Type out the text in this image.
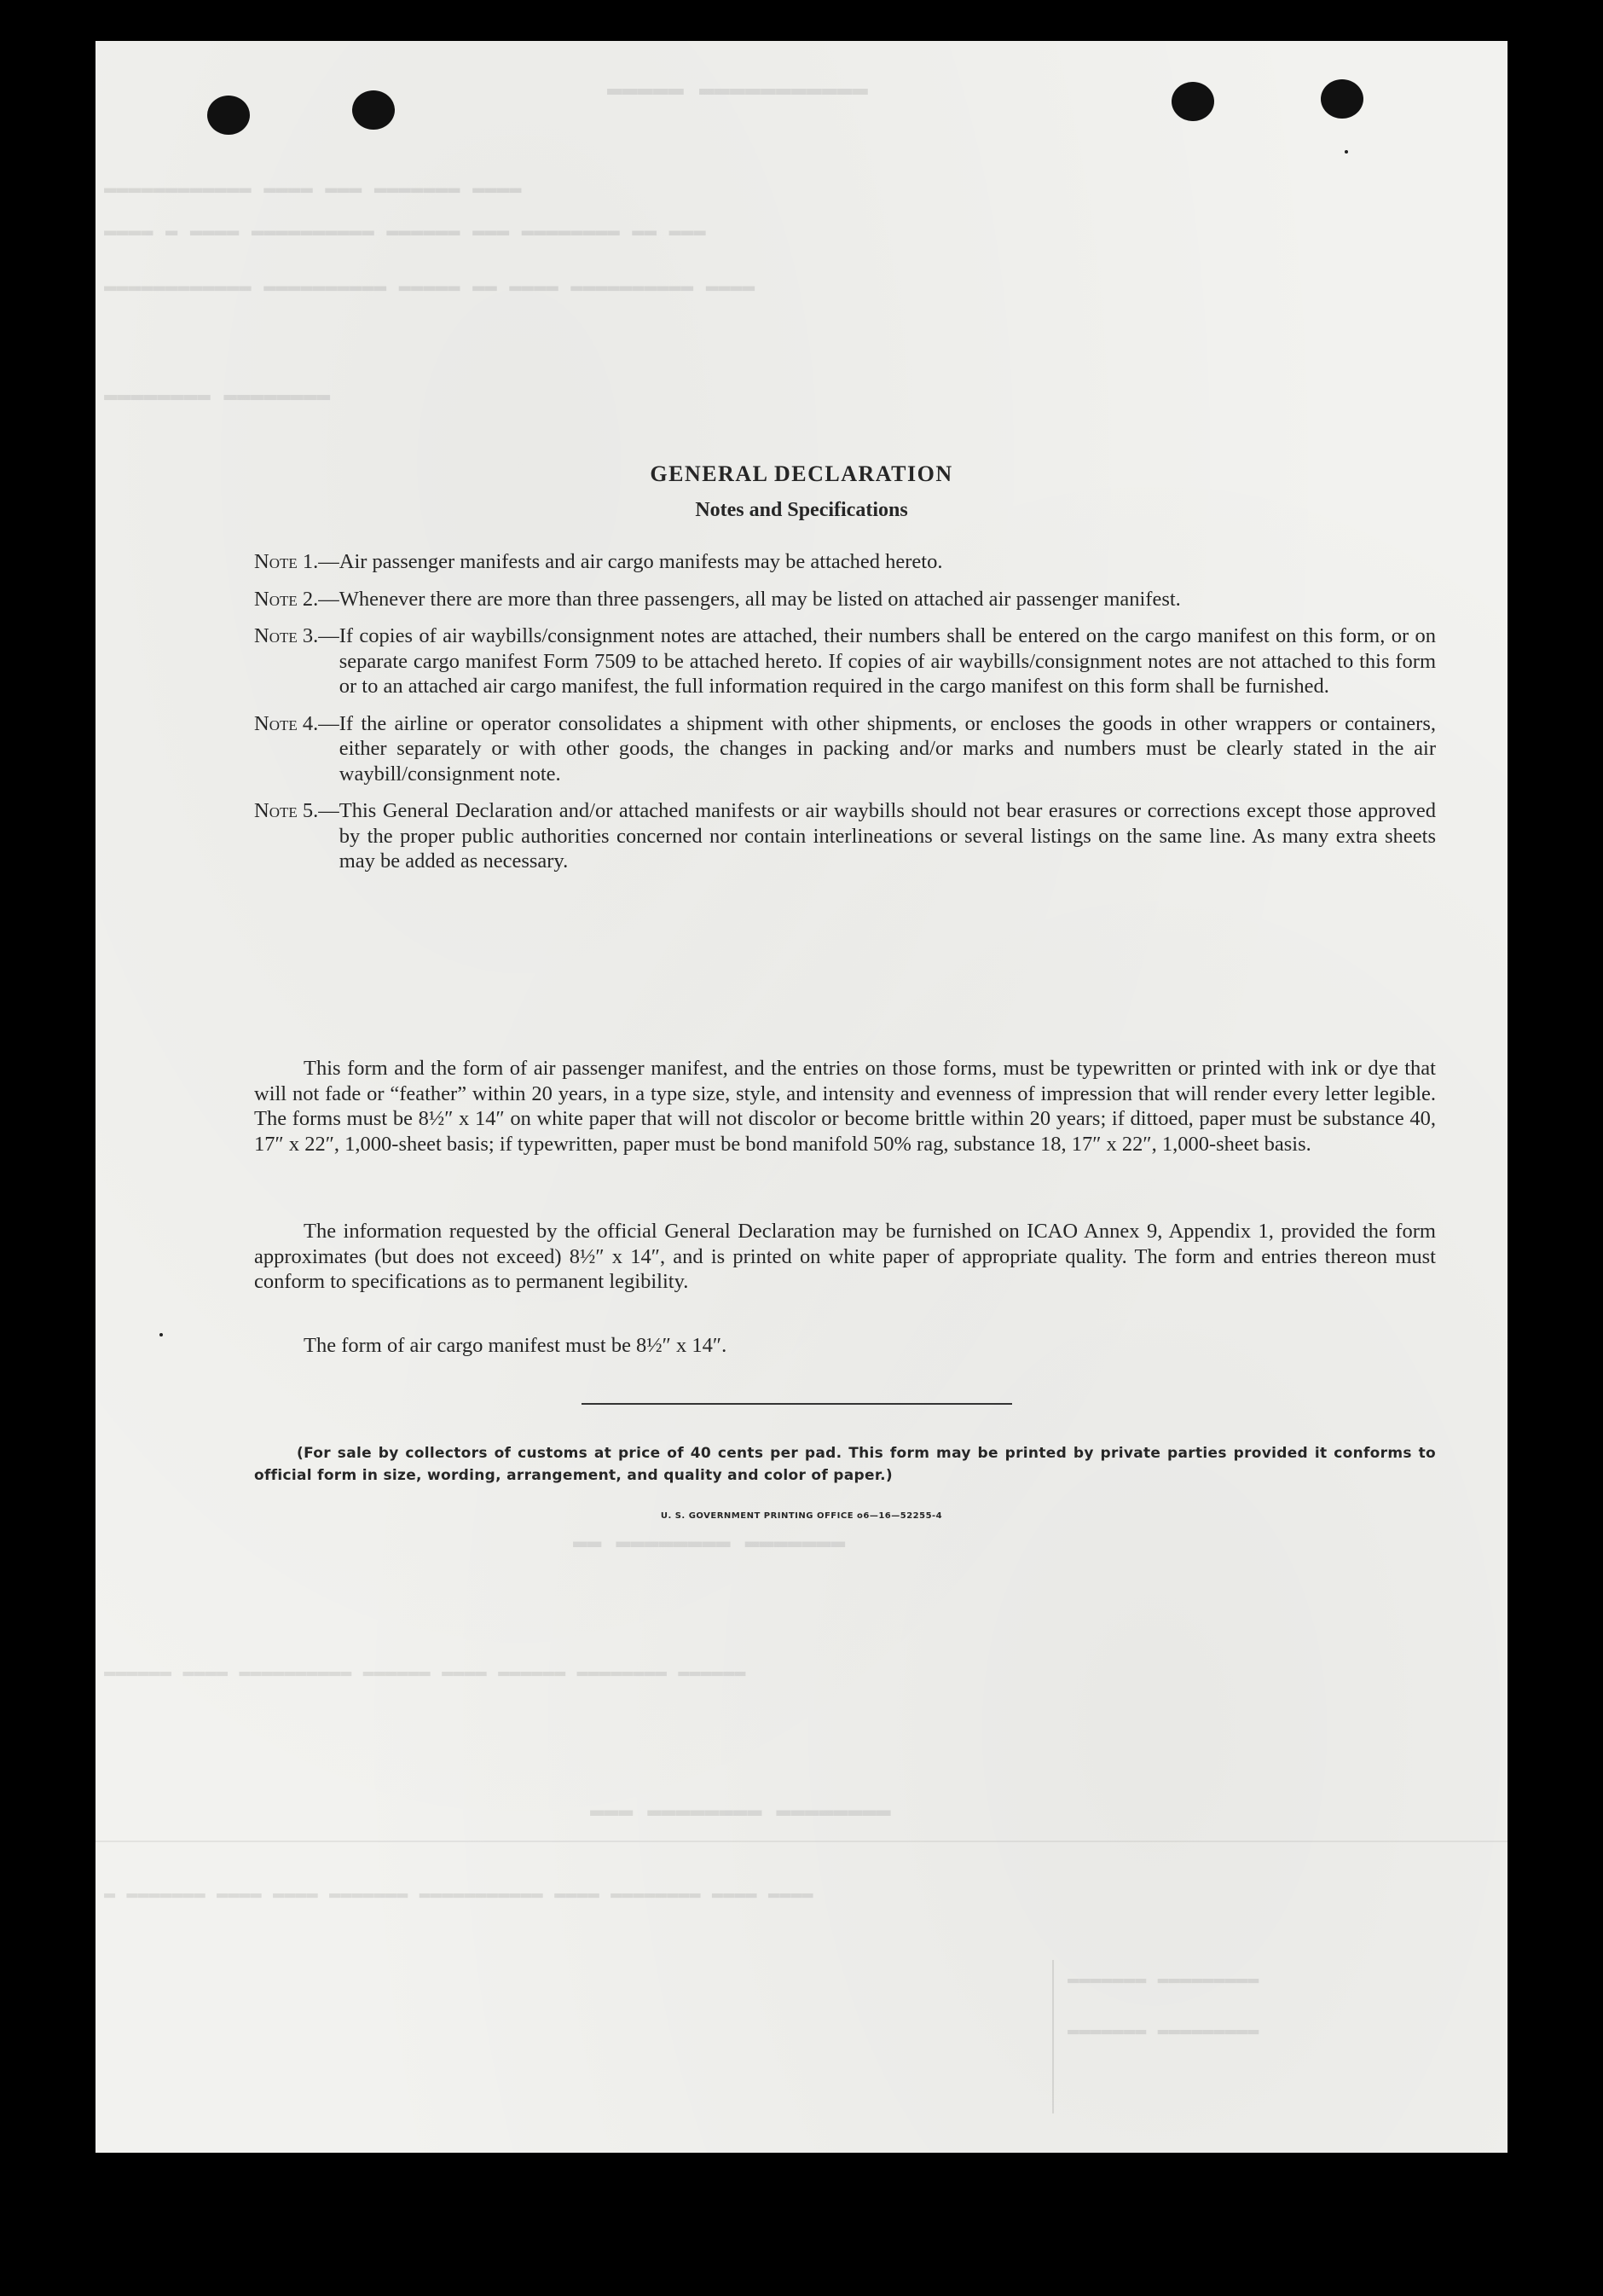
▬▬▬▬▬ ▬▬▬▬▬▬▬▬▬▬▬
▬▬▬▬▬▬▬▬▬▬▬▬ ▬▬▬▬ ▬▬▬ ▬▬▬▬▬▬▬ ▬▬▬▬
▬▬▬▬ ▬ ▬▬▬▬ ▬▬▬▬▬▬▬▬▬▬ ▬▬▬▬▬▬ ▬▬▬ ▬▬▬▬▬▬▬▬ ▬▬ ▬▬▬
▬▬▬▬▬▬▬▬▬▬▬▬ ▬▬▬▬▬▬▬▬▬▬ ▬▬▬▬▬ ▬▬ ▬▬▬▬ ▬▬▬▬▬▬▬▬▬▬ ▬▬▬▬
▬▬▬▬▬▬▬▬ ▬▬▬▬▬▬▬▬
▬▬ ▬▬▬▬▬▬▬▬ ▬▬▬▬▬▬▬
▬▬▬▬▬▬ ▬▬▬▬ ▬▬▬▬▬▬▬▬▬▬ ▬▬▬▬▬▬ ▬▬▬▬ ▬▬▬▬▬▬ ▬▬▬▬▬▬▬▬ ▬▬▬▬▬▬
▬▬▬ ▬▬▬▬▬▬▬▬ ▬▬▬▬▬▬▬▬
▬ ▬▬▬▬▬▬▬ ▬▬▬▬ ▬▬▬▬ ▬▬▬▬▬▬▬ ▬▬▬▬▬▬▬▬▬▬▬ ▬▬▬▬ ▬▬▬▬▬▬▬▬ ▬▬▬▬ ▬▬▬▬
▬▬▬▬▬▬▬ ▬▬▬▬▬▬▬▬▬
▬▬▬▬▬▬▬ ▬▬▬▬▬▬▬▬▬
GENERAL DECLARATION
Notes and Specifications
Note 1. — Air passenger manifests and air cargo manifests may be attached hereto.
Note 2. — Whenever there are more than three passengers, all may be listed on attached air passenger manifest.
Note 3. — If copies of air waybills/consignment notes are attached, their numbers shall be entered on the cargo manifest on this form, or on separate cargo manifest Form 7509 to be attached hereto. If copies of air waybills/consignment notes are not attached to this form or to an attached air cargo manifest, the full information required in the cargo manifest on this form shall be furnished.
Note 4. — If the airline or operator consolidates a shipment with other shipments, or encloses the goods in other wrappers or containers, either separately or with other goods, the changes in packing and/or marks and numbers must be clearly stated in the air waybill/consignment note.
Note 5. — This General Declaration and/or attached manifests or air waybills should not bear erasures or corrections except those approved by the proper public authorities concerned nor contain interlineations or several listings on the same line. As many extra sheets may be added as necessary.
This form and the form of air passenger manifest, and the entries on those forms, must be typewritten or printed with ink or dye that will not fade or “feather” within 20 years, in a type size, style, and intensity and evenness of impression that will render every letter legible. The forms must be 8½″ x 14″ on white paper that will not discolor or become brittle within 20 years; if dittoed, paper must be substance 40, 17″ x 22″, 1,000-sheet basis; if typewritten, paper must be bond manifold 50% rag, substance 18, 17″ x 22″, 1,000-sheet basis.
The information requested by the official General Declaration may be furnished on ICAO Annex 9, Appendix 1, provided the form approximates (but does not exceed) 8½″ x 14″, and is printed on white paper of appropriate quality. The form and entries thereon must conform to specifications as to permanent legibility.
The form of air cargo manifest must be 8½″ x 14″.
(For sale by collectors of customs at price of 40 cents per pad. This form may be printed by private parties provided it conforms to official form in size, wording, arrangement, and quality and color of paper.)
U. S. GOVERNMENT PRINTING OFFICE o6—16—52255-4
